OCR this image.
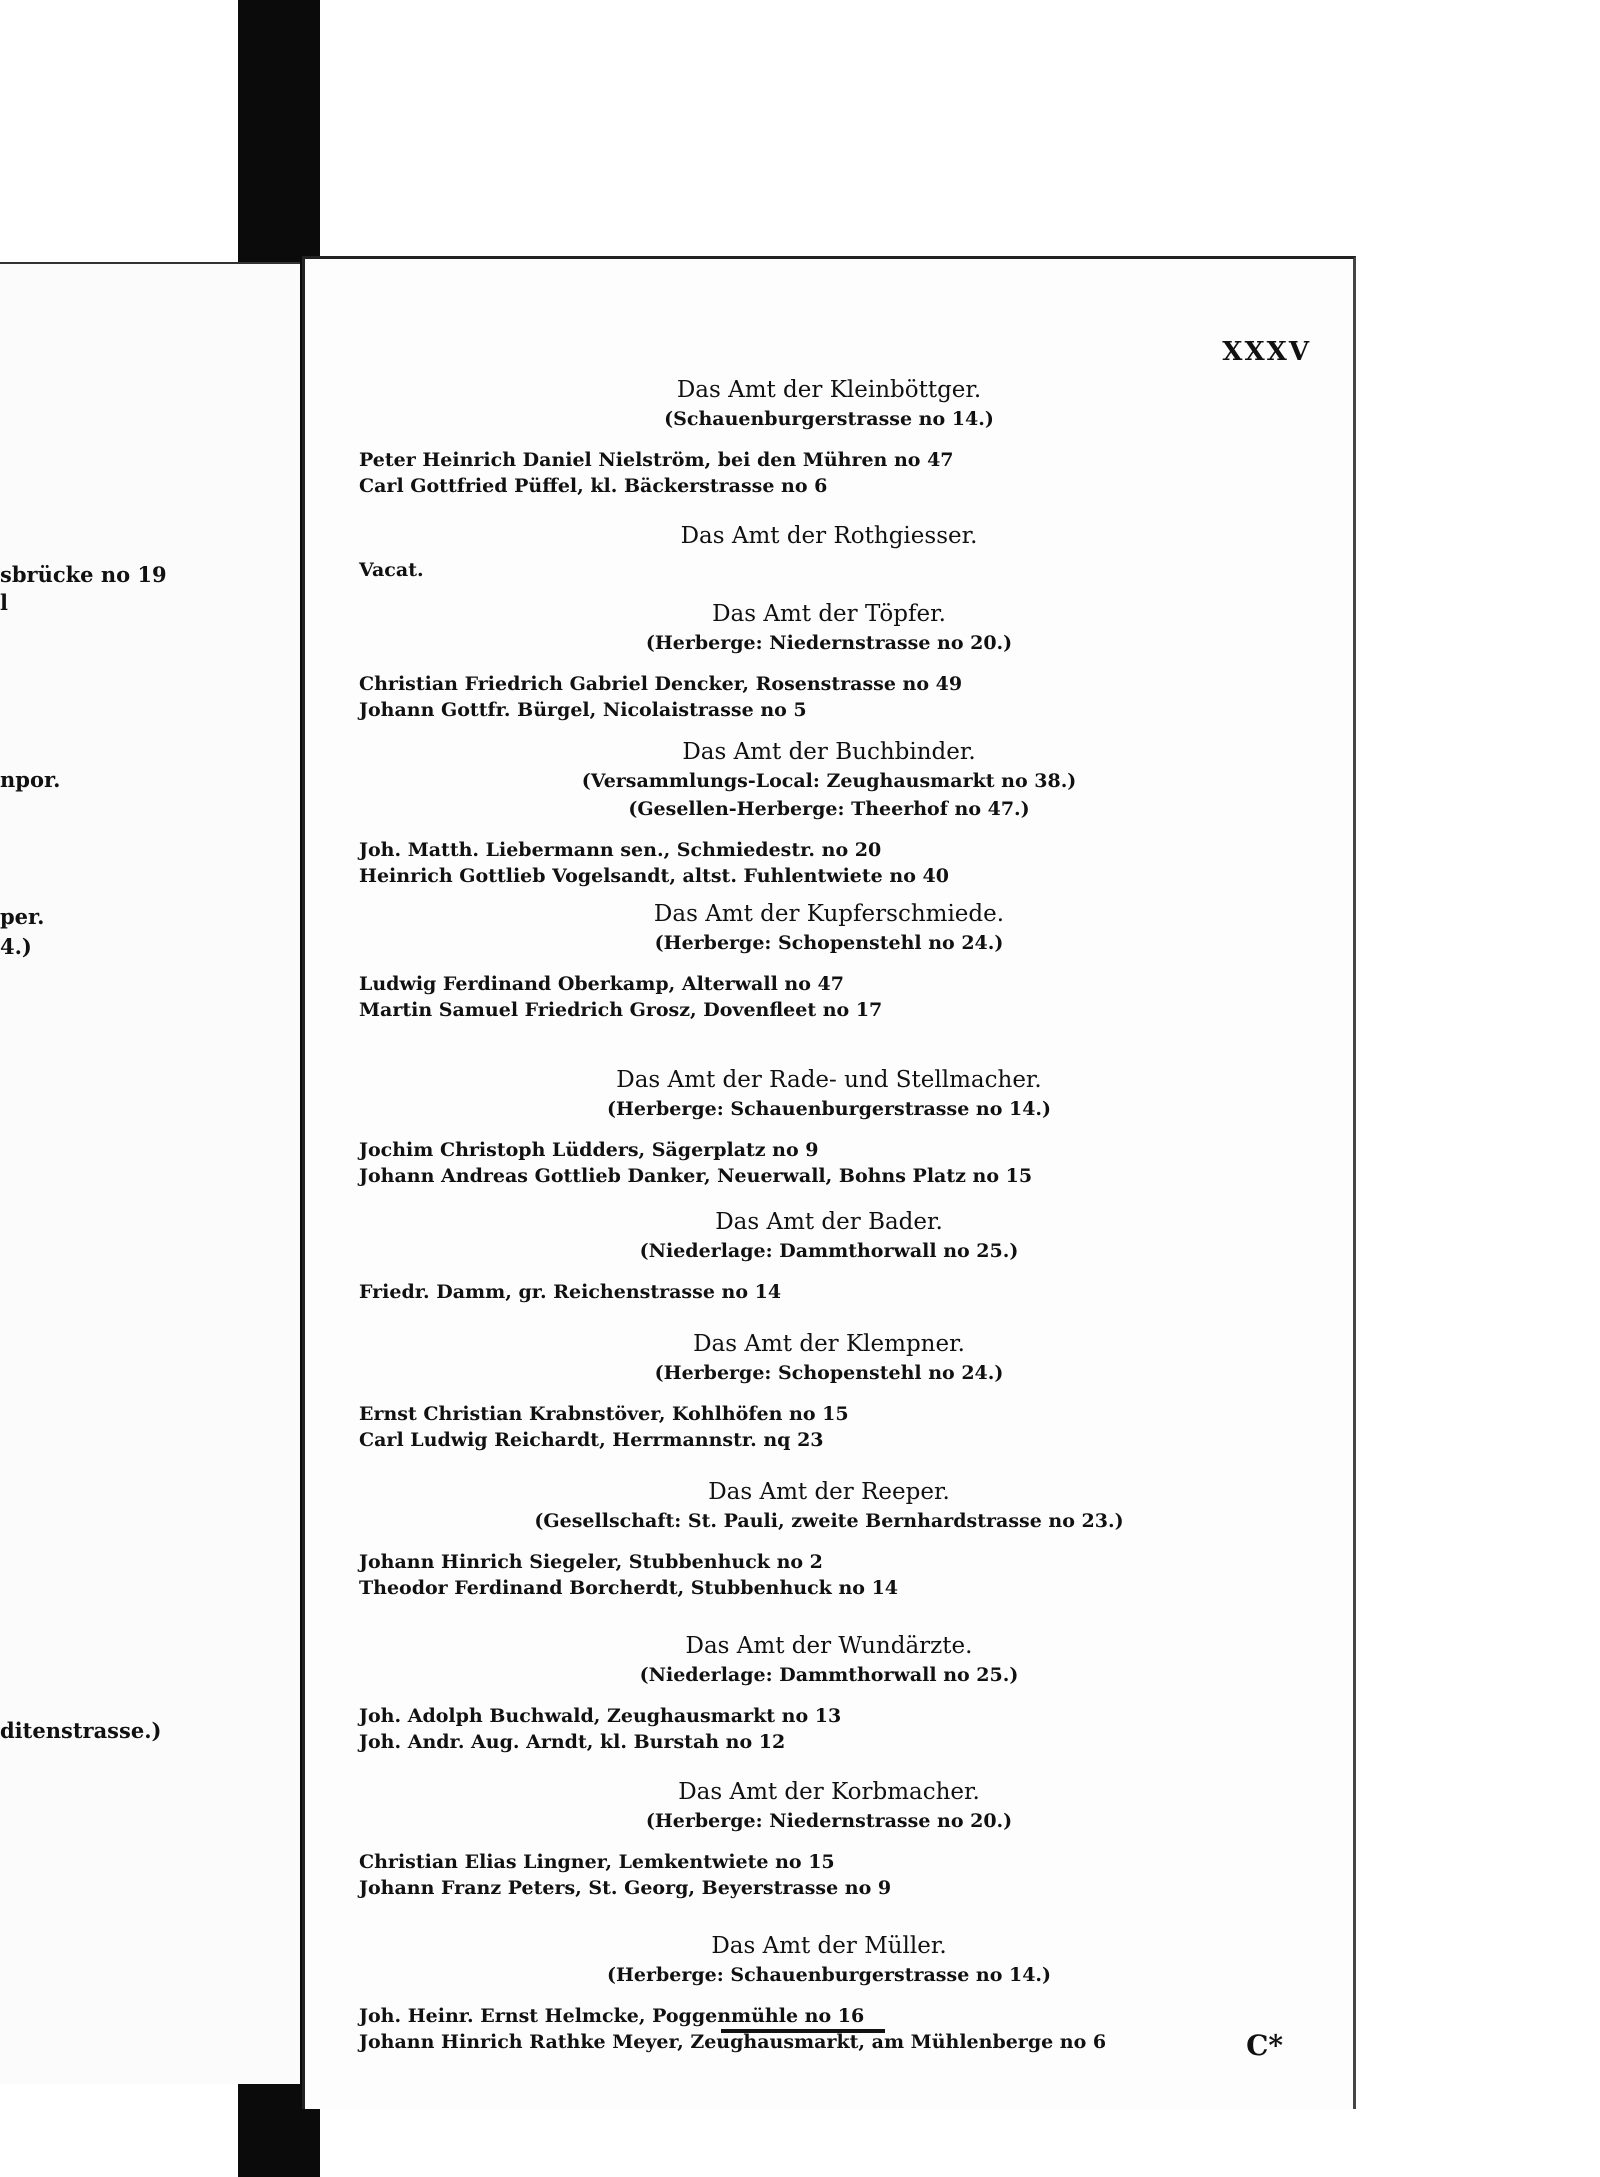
sbrücke no 19
l
npor.
per.
4.)
ditenstrasse.)
XXXV
C*
Das Amt der Kleinböttger.
(Schauenburgerstrasse no 14.)
Peter Heinrich Daniel Nielström, bei den Mühren no 47
Carl Gottfried Püffel, kl. Bäckerstrasse no 6
Das Amt der Rothgiesser.
Vacat.
Das Amt der Töpfer.
(Herberge: Niedernstrasse no 20.)
Christian Friedrich Gabriel Dencker, Rosenstrasse no 49
Johann Gottfr. Bürgel, Nicolaistrasse no 5
Das Amt der Buchbinder.
(Versammlungs-Local: Zeughausmarkt no 38.)
(Gesellen-Herberge: Theerhof no 47.)
Joh. Matth. Liebermann sen., Schmiedestr. no 20
Heinrich Gottlieb Vogelsandt, altst. Fuhlentwiete no 40
Das Amt der Kupferschmiede.
(Herberge: Schopenstehl no 24.)
Ludwig Ferdinand Oberkamp, Alterwall no 47
Martin Samuel Friedrich Grosz, Dovenfleet no 17
Das Amt der Rade- und Stellmacher.
(Herberge: Schauenburgerstrasse no 14.)
Jochim Christoph Lüdders, Sägerplatz no 9
Johann Andreas Gottlieb Danker, Neuerwall, Bohns Platz no 15
Das Amt der Bader.
(Niederlage: Dammthorwall no 25.)
Friedr. Damm, gr. Reichenstrasse no 14
Das Amt der Klempner.
(Herberge: Schopenstehl no 24.)
Ernst Christian Krabnstöver, Kohlhöfen no 15
Carl Ludwig Reichardt, Herrmannstr. nq 23
Das Amt der Reeper.
(Gesellschaft: St. Pauli, zweite Bernhardstrasse no 23.)
Johann Hinrich Siegeler, Stubbenhuck no 2
Theodor Ferdinand Borcherdt, Stubbenhuck no 14
Das Amt der Wundärzte.
(Niederlage: Dammthorwall no 25.)
Joh. Adolph Buchwald, Zeughausmarkt no 13
Joh. Andr. Aug. Arndt, kl. Burstah no 12
Das Amt der Korbmacher.
(Herberge: Niedernstrasse no 20.)
Christian Elias Lingner, Lemkentwiete no 15
Johann Franz Peters, St. Georg, Beyerstrasse no 9
Das Amt der Müller.
(Herberge: Schauenburgerstrasse no 14.)
Joh. Heinr. Ernst Helmcke, Poggenmühle no 16
Johann Hinrich Rathke Meyer, Zeughausmarkt, am Mühlenberge no 6
